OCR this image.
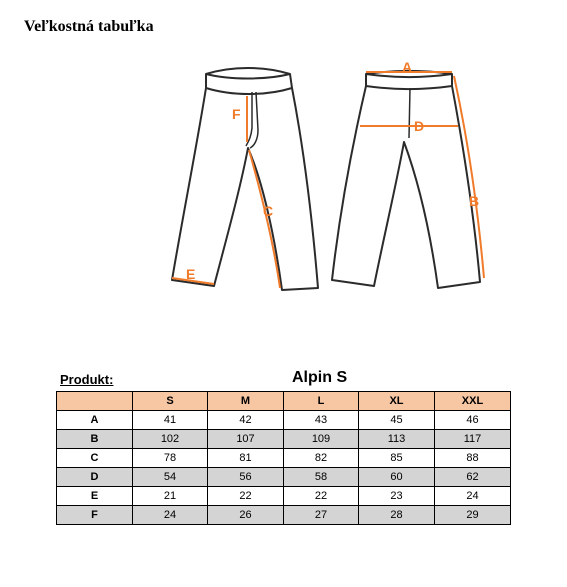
Veľkostná tabuľka
F
C
E
A
D
B
Produkt:	Alpin S
	S	M	L	XL	XXL
A	41	42	43	45	46
B	102	107	109	113	117
C	78	81	82	85	88
D	54	56	58	60	62
E	21	22	22	23	24
F	24	26	27	28	29
